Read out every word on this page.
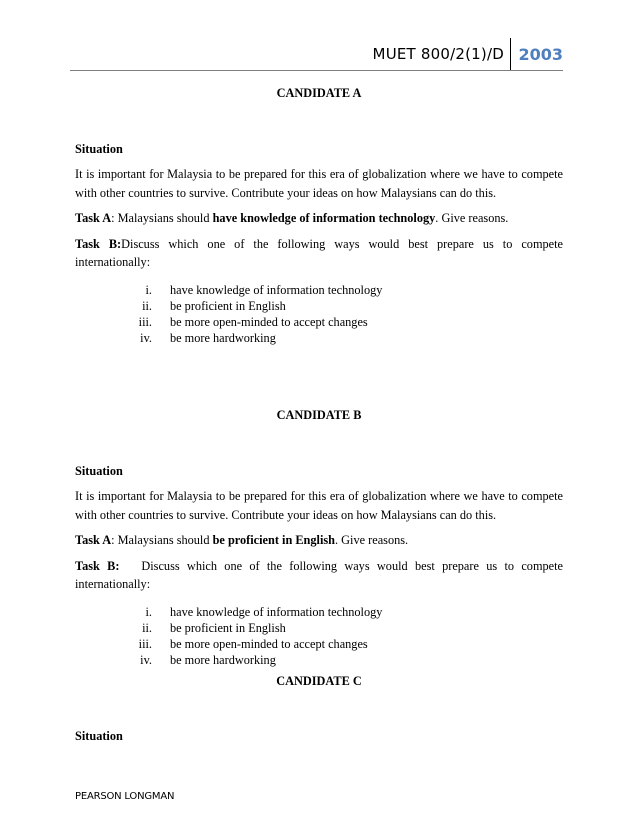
MUET 800/2(1)/D 2003

CANDIDATE A

Situation

It is important for Malaysia to be prepared for this era of globalization where we have to compete with other countries to survive. Contribute your ideas on how Malaysians can do this.

Task A: Malaysians should have knowledge of information technology. Give reasons.

Task B:Discuss which one of the following ways would best prepare us to compete internationally:

i.	have knowledge of information technology
ii.	be proficient in English
iii.	be more open-minded to accept changes
iv.	be more hardworking

CANDIDATE B

Situation

It is important for Malaysia to be prepared for this era of globalization where we have to compete with other countries to survive. Contribute your ideas on how Malaysians can do this.

Task A: Malaysians should be proficient in English. Give reasons.

Task B: Discuss which one of the following ways would best prepare us to compete internationally:

i.	have knowledge of information technology
ii.	be proficient in English
iii.	be more open-minded to accept changes
iv.	be more hardworking

CANDIDATE C

Situation

PEARSON LONGMAN
